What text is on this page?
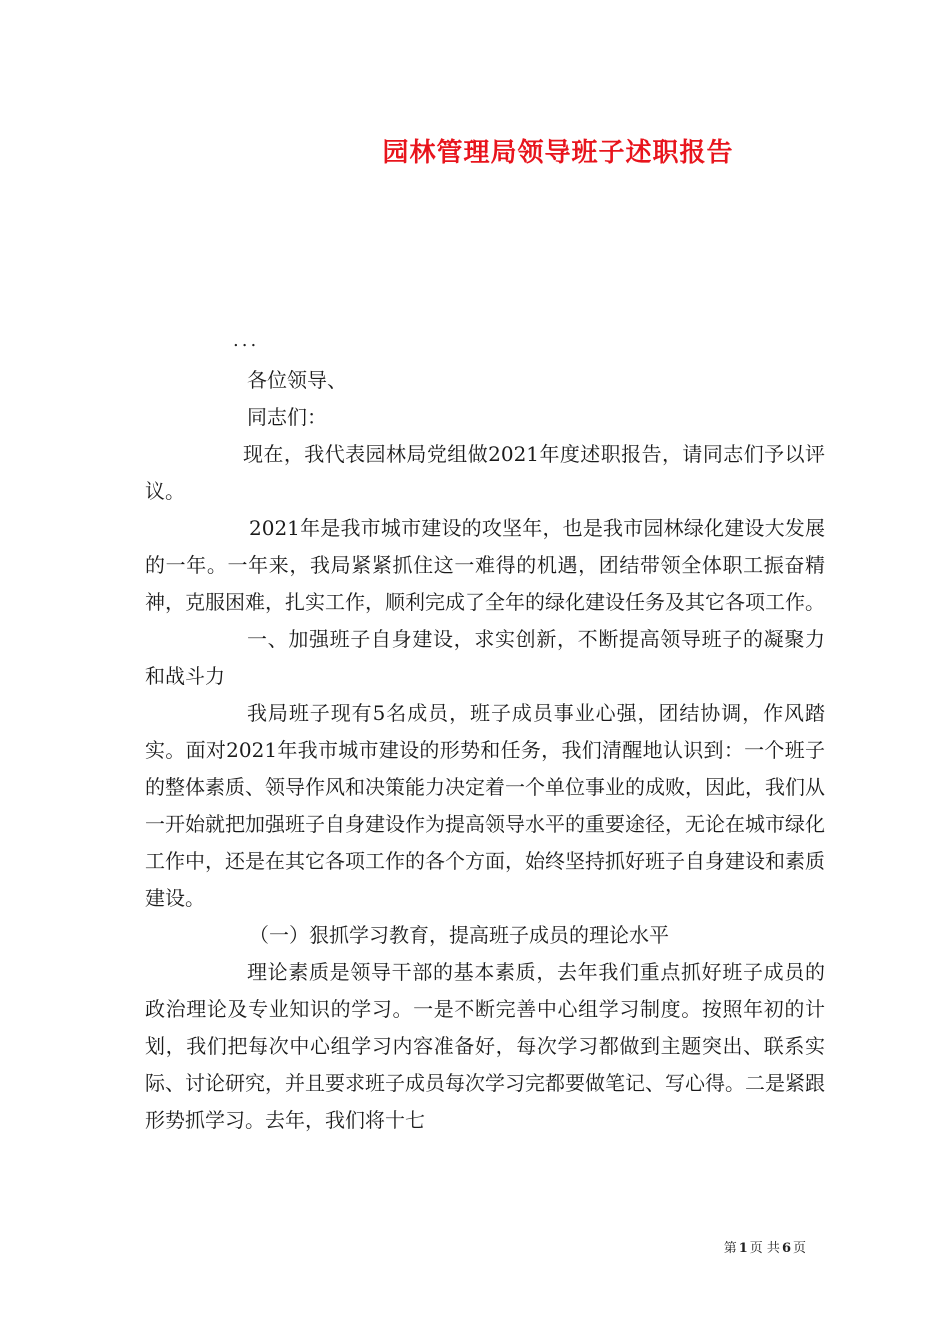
园林管理局领导班子述职报告
...

各位领导、

同志们：

现在，我代表园林局党组做2021年度述职报告，请同志们予以评议。

2021年是我市城市建设的攻坚年，也是我市园林绿化建设大发展的一年。一年来，我局紧紧抓住这一难得的机遇，团结带领全体职工振奋精神，克服困难，扎实工作，顺利完成了全年的绿化建设任务及其它各项工作。

一、加强班子自身建设，求实创新，不断提高领导班子的凝聚力和战斗力

我局班子现有5名成员，班子成员事业心强，团结协调，作风踏实。面对2021年我市城市建设的形势和任务，我们清醒地认识到：一个班子的整体素质、领导作风和决策能力决定着一个单位事业的成败，因此，我们从一开始就把加强班子自身建设作为提高领导水平的重要途径，无论在城市绿化工作中，还是在其它各项工作的各个方面，始终坚持抓好班子自身建设和素质建设。

（一）狠抓学习教育，提高班子成员的理论水平

理论素质是领导干部的基本素质，去年我们重点抓好班子成员的政治理论及专业知识的学习。一是不断完善中心组学习制度。按照年初的计划，我们把每次中心组学习内容准备好，每次学习都做到主题突出、联系实际、讨论研究，并且要求班子成员每次学习完都要做笔记、写心得。二是紧跟形势抓学习。去年，我们将十七

第 1 页 共 6 页
